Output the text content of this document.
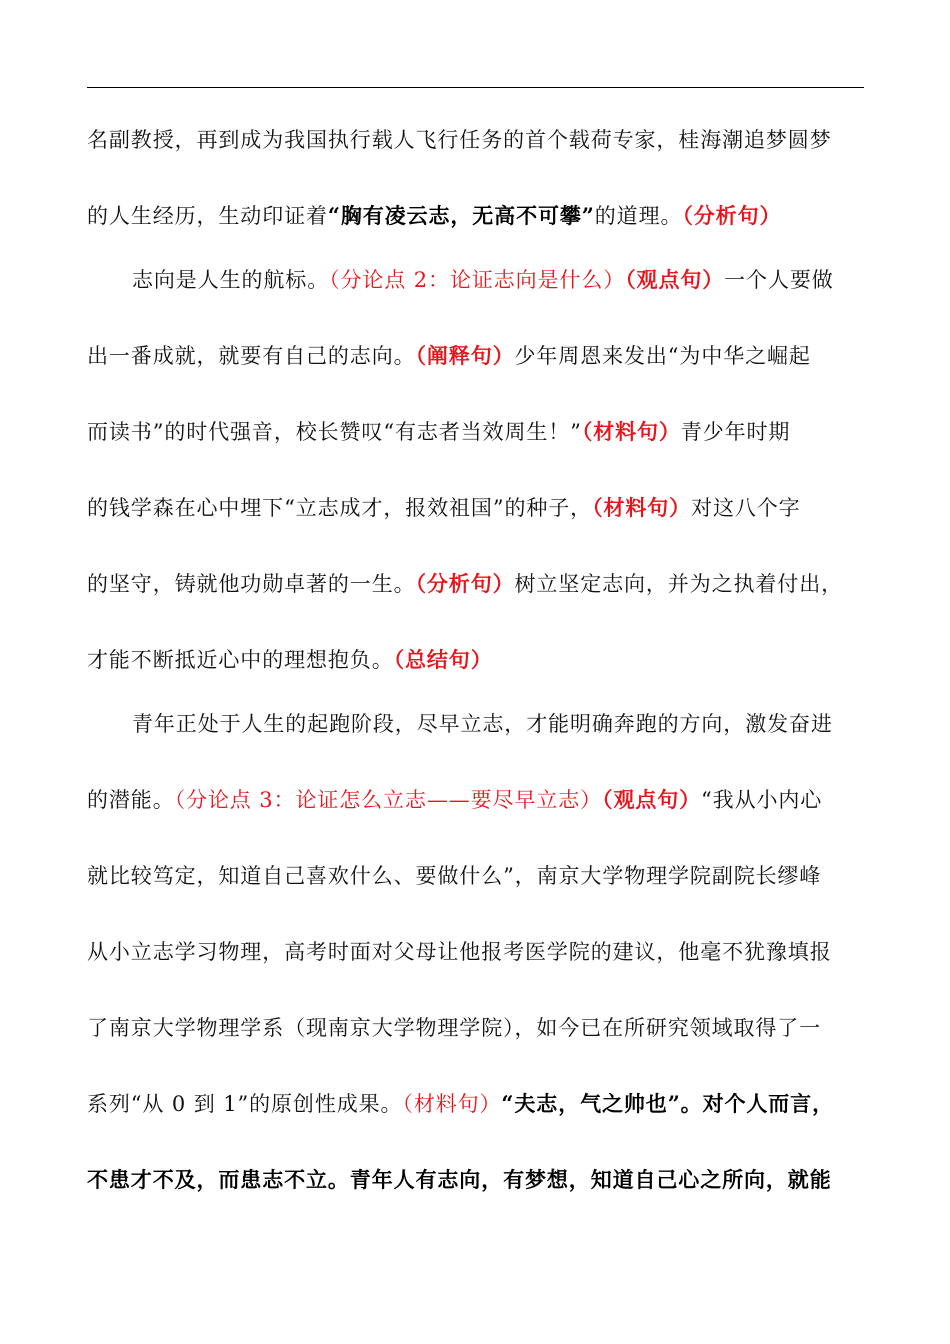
名副教授，再到成为我国执行载人飞行任务的首个载荷专家，桂海潮追梦圆梦
的人生经历，生动印证着“胸有凌云志，无高不可攀”的道理。（分析句）
志向是人生的航标。（分论点 2：论证志向是什么）（观点句）一个人要做
出一番成就，就要有自己的志向。（阐释句）少年周恩来发出“为中华之崛起
而读书”的时代强音，校长赞叹“有志者当效周生！”（材料句）青少年时期
的钱学森在心中埋下“立志成才，报效祖国”的种子，（材料句）对这八个字
的坚守，铸就他功勋卓著的一生。（分析句）树立坚定志向，并为之执着付出，
才能不断抵近心中的理想抱负。（总结句）
青年正处于人生的起跑阶段，尽早立志，才能明确奔跑的方向，激发奋进
的潜能。（分论点 3：论证怎么立志——要尽早立志）（观点句）“我从小内心
就比较笃定，知道自己喜欢什么、要做什么”，南京大学物理学院副院长缪峰
从小立志学习物理，高考时面对父母让他报考医学院的建议，他毫不犹豫填报
了南京大学物理学系（现南京大学物理学院），如今已在所研究领域取得了一
系列“从 0 到 1”的原创性成果。（材料句）“夫志，气之帅也”。对个人而言，
不患才不及，而患志不立。青年人有志向，有梦想，知道自己心之所向，就能
